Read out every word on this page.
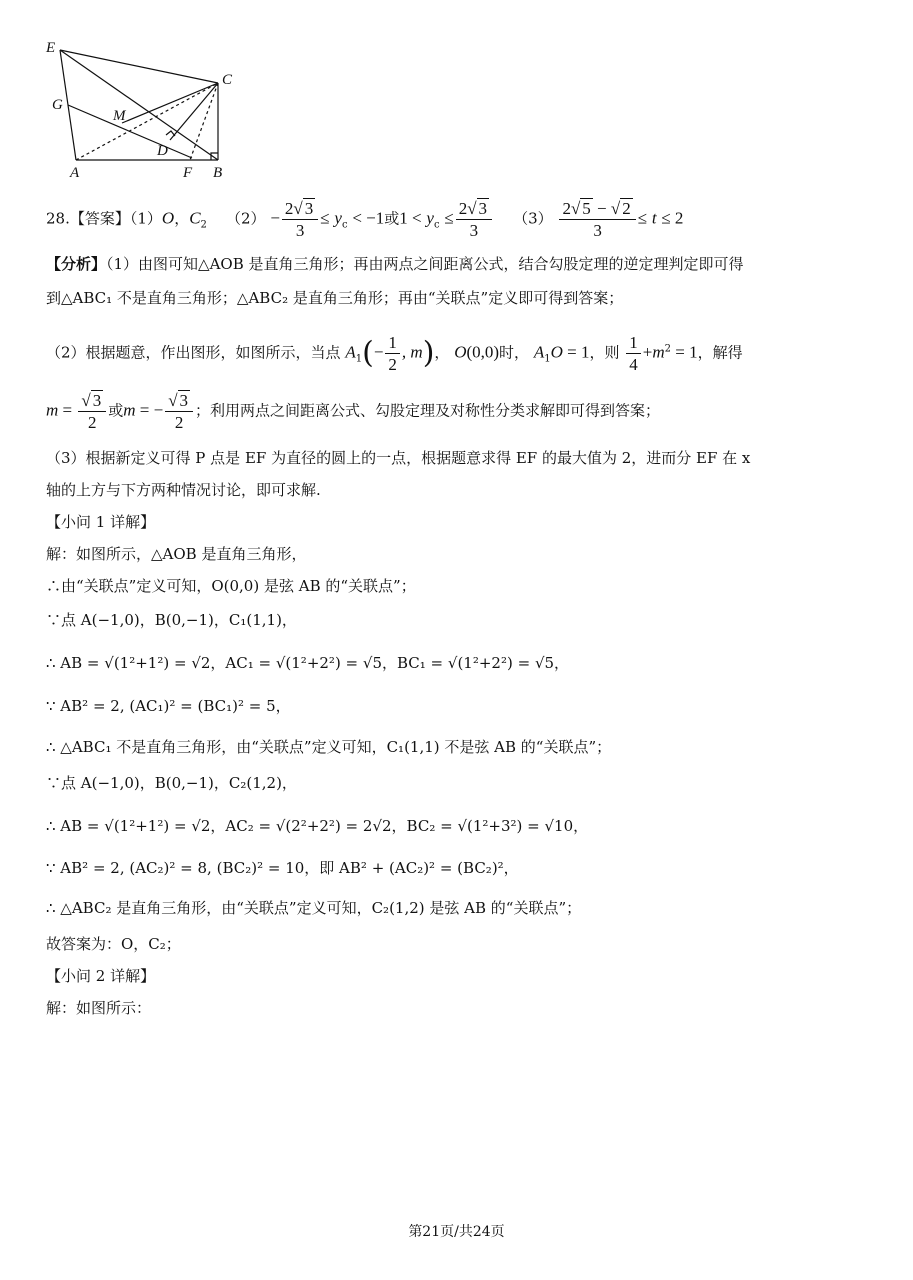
E
C
G
M
D
A	F B
28.【答案】（1）O，$C_2$ $(2) - \frac{2√ 3}{3} \le y_c < -1$或$1 < y_c \le \frac{2√ 3}{3} (3) \frac{2√ 5 - √ 2}{3} \le t \le 2$
【分析】（1）由图可知△AOB 是直角三角形；再由两点之间距离公式，结合勾股定理的逆定理判定即可得
到△ABC₁ 不是直角三角形；△ABC₂ 是直角三角形；再由“关联点”定义即可得到答案；
（2）根据题意，作出图形，如图所示，当点 $A_1(- \frac{1}{2}$ , m)， O(0,0)时， $A_1O = 1$，则 $\frac{1}{4} +m^2 = 1$，解得
$m = \frac{√ 3}{2}$ 或m = − $\frac{√ 3}{2}$ ；利用两点之间距离公式、勾股定理及对称性分类求解即可得到答案；
（3）根据新定义可得 P 点是 EF 为直径的圆上的一点，根据题意求得 EF 的最大值为 2，进而分 EF 在 x
轴的上方与下方两种情况讨论，即可求解.
【小问 1 详解】
解：如图所示，△AOB 是直角三角形，
∴由“关联点”定义可知，O(0,0) 是弦 AB 的“关联点”；
∵点 A(−1,0)，B(0,−1)，C₁(1,1)，
∴ AB = √(1²+1²) = √2，AC₁ = √(1²+2²) = √5，BC₁ = √(1²+2²) = √5，
∵ AB² = 2, (AC₁)² = (BC₁)² = 5，
∴ △ABC₁ 不是直角三角形，由“关联点”定义可知，C₁(1,1) 不是弦 AB 的“关联点”；
∵点 A(−1,0)，B(0,−1)，C₂(1,2)，
∴ AB = √(1²+1²) = √2，AC₂ = √(2²+2²) = 2√2，BC₂ = √(1²+3²) = √10，
∵ AB² = 2, (AC₂)² = 8, (BC₂)² = 10，即 AB² + (AC₂)² = (BC₂)²，
∴ △ABC₂ 是直角三角形，由“关联点”定义可知，C₂(1,2) 是弦 AB 的“关联点”；
故答案为：O，C₂；
【小问 2 详解】
解：如图所示：
第21页/共24页
